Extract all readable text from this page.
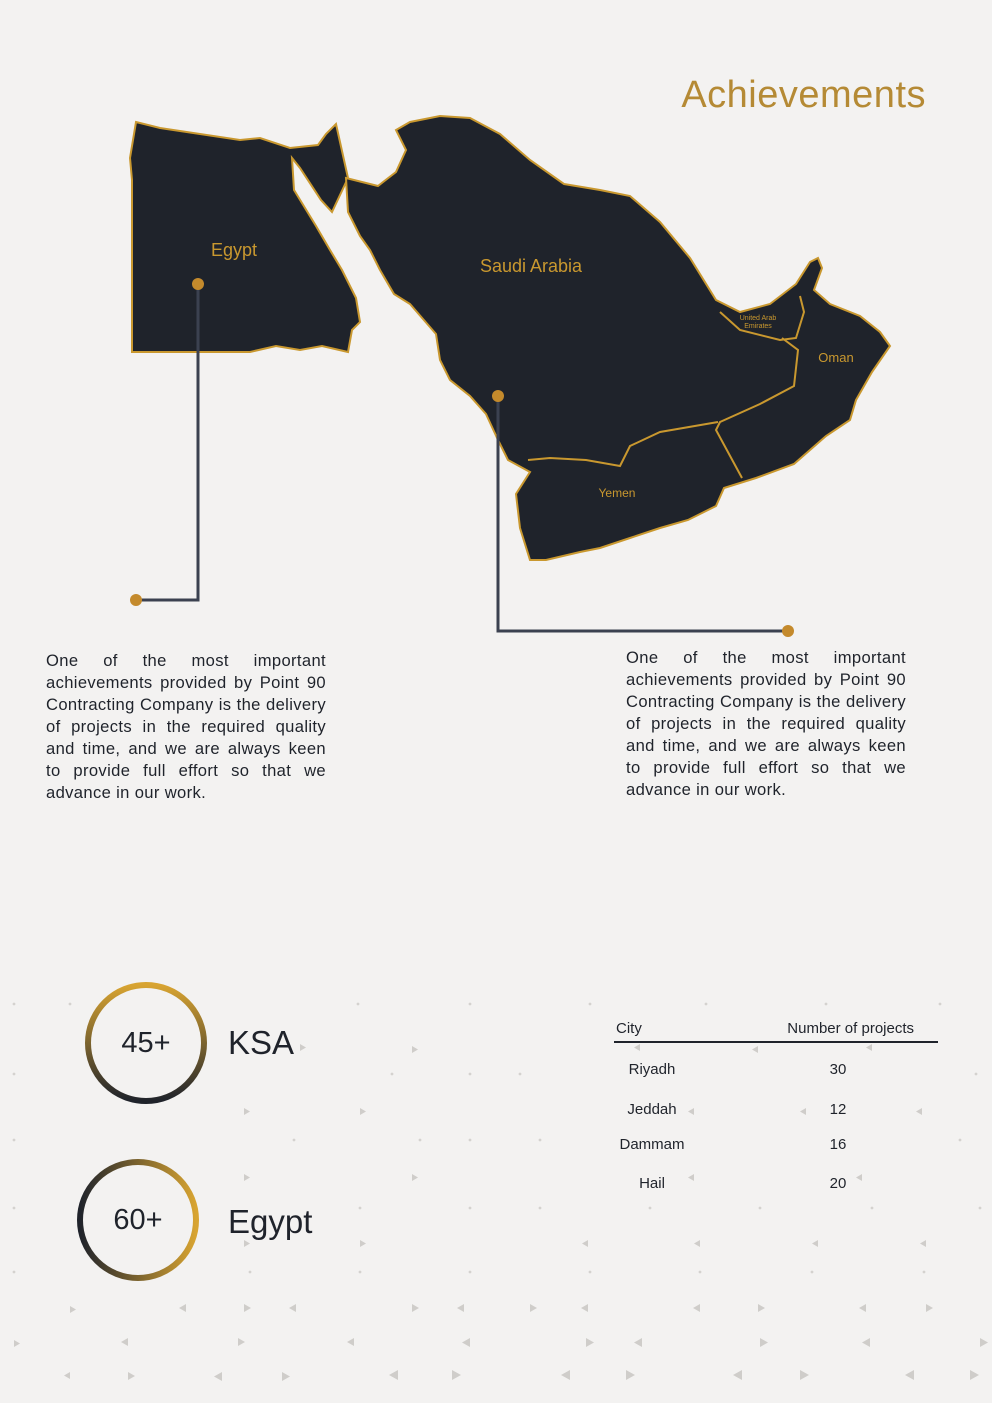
Achievements
Egypt
Saudi Arabia
United Arab
Emirates
Oman
Yemen

One of the most important achievements provided by Point 90 Contracting Company is the delivery of projects in the required quality and time, and we are always keen to provide full effort so that we advance in our work.

One of the most important achievements provided by Point 90 Contracting Company is the delivery of projects in the required quality and time, and we are always keen to provide full effort so that we advance in our work.

45+	KSA
60+	Egypt
City	Number of projects
Riyadh	30
Jeddah	12
Dammam	16
Hail	20
